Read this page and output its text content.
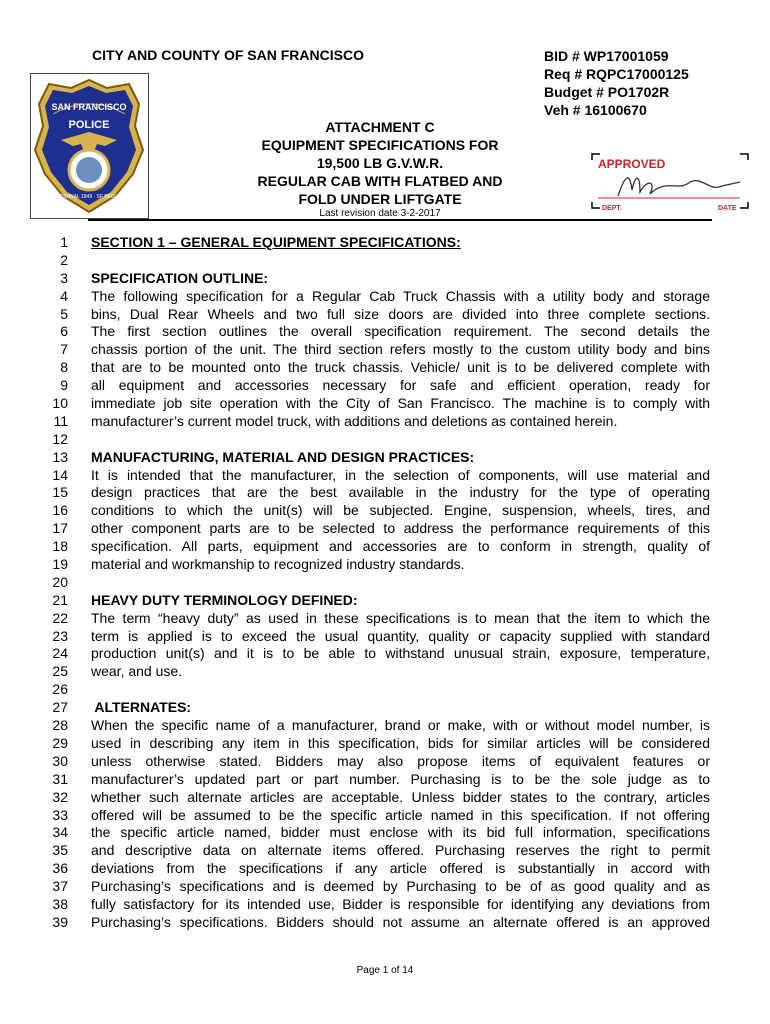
CITY AND COUNTY OF SAN FRANCISCO	BID # WP17001059
Req # RQPC17000125
Budget # PO1702R
Veh # 16100670
SAN FRANCISCO
POLICE
ORIGINAL 1849 · SF BEGUN
ATTACHMENT C
EQUIPMENT SPECIFICATIONS FOR
19,500 LB G.V.W.R.
REGULAR CAB WITH FLATBED AND
FOLD UNDER LIFTGATE
Last revision date 3-2-2017
APPROVED
DEPT.	DATE
1
2
3
4
5
6
7
8
9
10
11
12
13
14
15
16
17
18
19
20
21
22
23
24
25
26
27
28
29
30
31
32
33
34
35
36
37
38
39
SECTION 1 – GENERAL EQUIPMENT SPECIFICATIONS:
SPECIFICATION OUTLINE:
The following specification for a Regular Cab Truck Chassis with a utility body and storage
bins, Dual Rear Wheels and two full size doors are divided into three complete sections.
The first section outlines the overall specification requirement. The second details the
chassis portion of the unit. The third section refers mostly to the custom utility body and bins
that are to be mounted onto the truck chassis. Vehicle/ unit is to be delivered complete with
all equipment and accessories necessary for safe and efficient operation, ready for
immediate job site operation with the City of San Francisco. The machine is to comply with
manufacturer’s current model truck, with additions and deletions as contained herein.
MANUFACTURING, MATERIAL AND DESIGN PRACTICES:
It is intended that the manufacturer, in the selection of components, will use material and
design practices that are the best available in the industry for the type of operating
conditions to which the unit(s) will be subjected. Engine, suspension, wheels, tires, and
other component parts are to be selected to address the performance requirements of this
specification. All parts, equipment and accessories are to conform in strength, quality of
material and workmanship to recognized industry standards.
HEAVY DUTY TERMINOLOGY DEFINED:
The term “heavy duty” as used in these specifications is to mean that the item to which the
term is applied is to exceed the usual quantity, quality or capacity supplied with standard
production unit(s) and it is to be able to withstand unusual strain, exposure, temperature,
wear, and use.
ALTERNATES:
When the specific name of a manufacturer, brand or make, with or without model number, is
used in describing any item in this specification, bids for similar articles will be considered
unless otherwise stated. Bidders may also propose items of equivalent features or
manufacturer’s updated part or part number. Purchasing is to be the sole judge as to
whether such alternate articles are acceptable. Unless bidder states to the contrary, articles
offered will be assumed to be the specific article named in this specification. If not offering
the specific article named, bidder must enclose with its bid full information, specifications
and descriptive data on alternate items offered. Purchasing reserves the right to permit
deviations from the specifications if any article offered is substantially in accord with
Purchasing’s specifications and is deemed by Purchasing to be of as good quality and as
fully satisfactory for its intended use, Bidder is responsible for identifying any deviations from
Purchasing’s specifications. Bidders should not assume an alternate offered is an approved
Page 1 of 14
